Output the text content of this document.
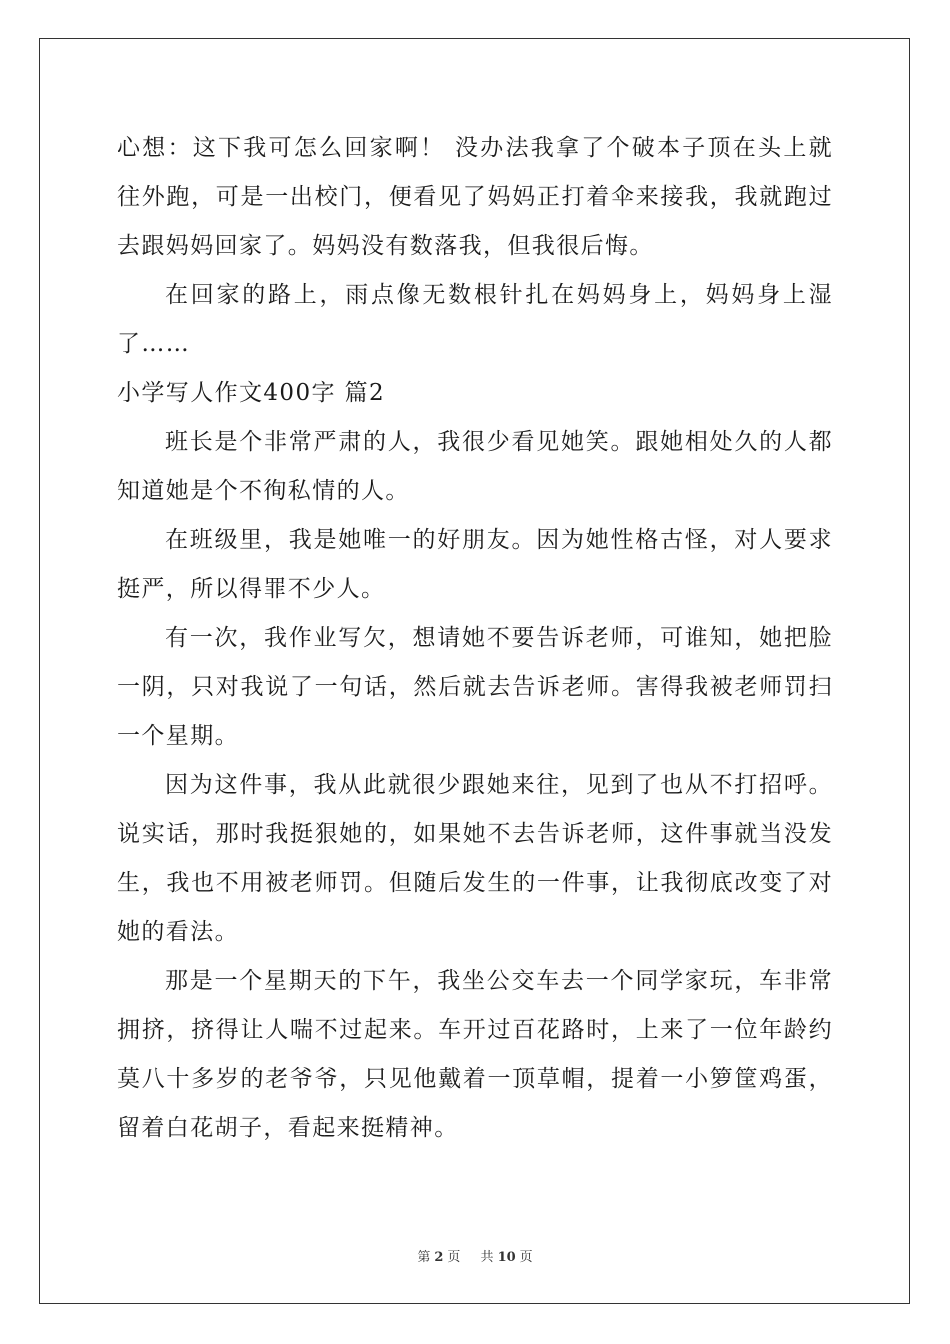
心想：这下我可怎么回家啊！ 没办法我拿了个破本子顶在头上就往外跑，可是一出校门，便看见了妈妈正打着伞来接我，我就跑过去跟妈妈回家了。妈妈没有数落我，但我很后悔。

在回家的路上，雨点像无数根针扎在妈妈身上，妈妈身上湿了……

小学写人作文400字 篇2

班长是个非常严肃的人，我很少看见她笑。跟她相处久的人都知道她是个不徇私情的人。

在班级里，我是她唯一的好朋友。因为她性格古怪，对人要求挺严，所以得罪不少人。

有一次，我作业写欠，想请她不要告诉老师，可谁知，她把脸一阴，只对我说了一句话，然后就去告诉老师。害得我被老师罚扫一个星期。

因为这件事，我从此就很少跟她来往，见到了也从不打招呼。说实话，那时我挺狠她的，如果她不去告诉老师，这件事就当没发生，我也不用被老师罚。但随后发生的一件事，让我彻底改变了对她的看法。

那是一个星期天的下午，我坐公交车去一个同学家玩，车非常拥挤，挤得让人喘不过起来。车开过百花路时，上来了一位年龄约莫八十多岁的老爷爷，只见他戴着一顶草帽，提着一小箩筐鸡蛋，留着白花胡子，看起来挺精神。

第 2 页 共 10 页
